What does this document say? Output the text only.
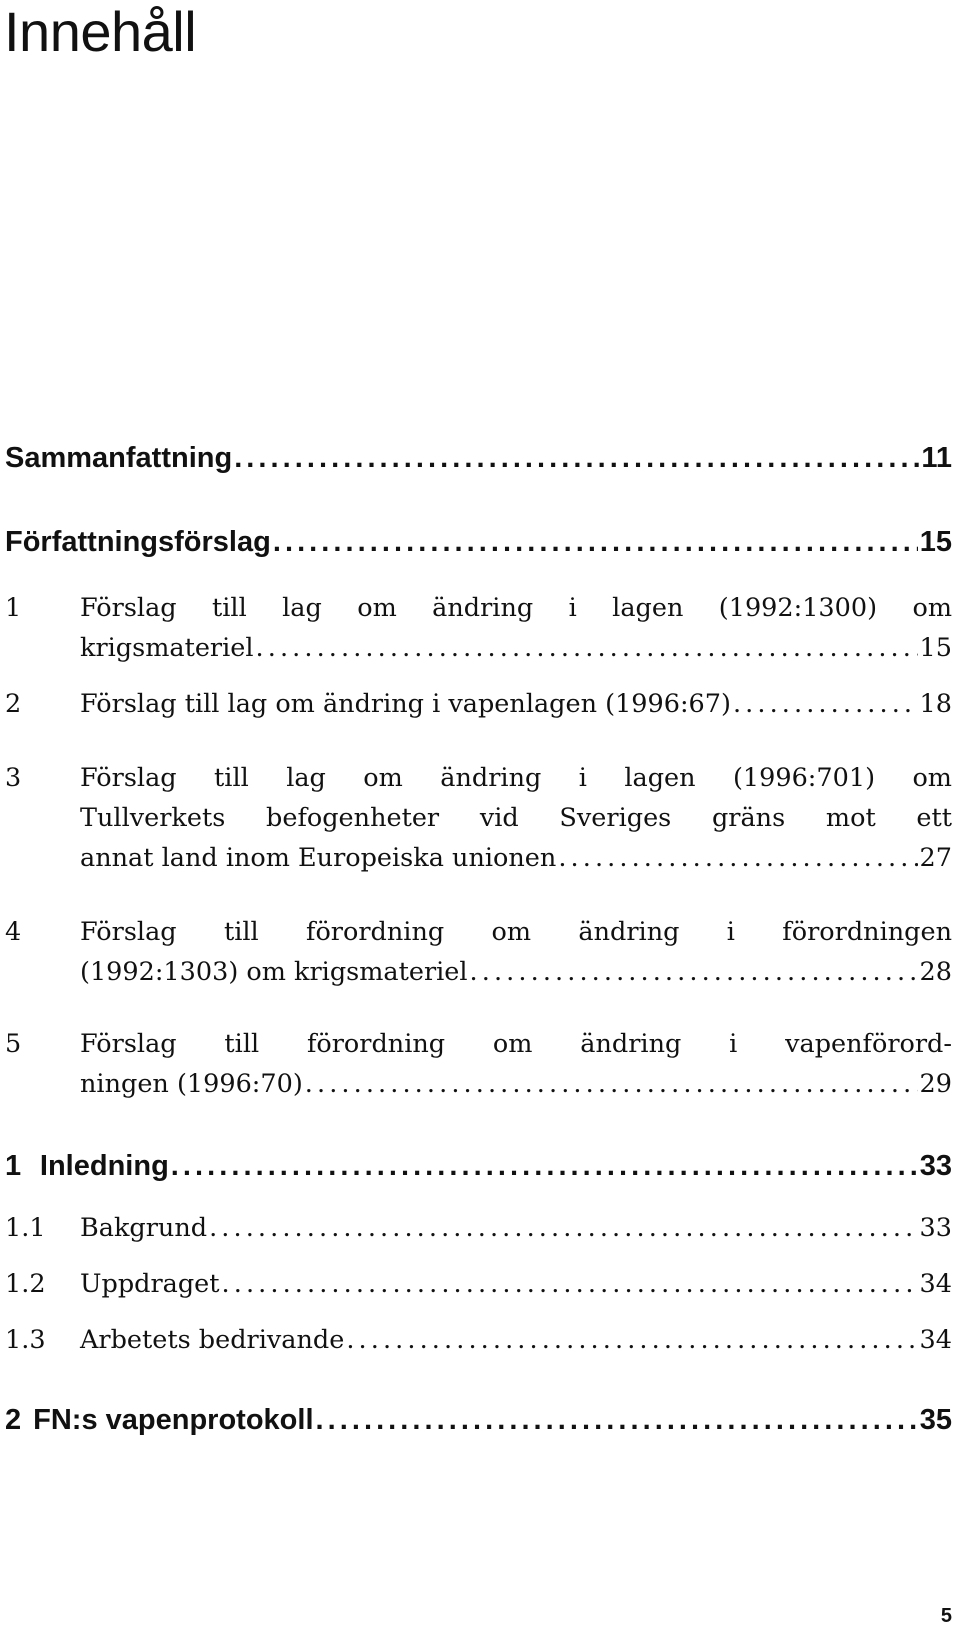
Innehåll
Sammanfattning . . .	11
Författningsförslag . . .	15
1 Förslag till lag om ändring i lagen (1992:1300) om
krigsmateriel . . .	15
2 Förslag till lag om ändring i vapenlagen (1996:67) . . .	18
3 Förslag till lag om ändring i lagen (1996:701) om
Tullverkets befogenheter vid Sveriges gräns mot ett
annat land inom Europeiska unionen . . .	27
4 Förslag till förordning om ändring i förordningen
(1992:1303) om krigsmateriel . . .	28
5 Förslag till förordning om ändring i vapenförord-
ningen (1996:70) . . .	29
1 Inledning . . .	33
1.1 Bakgrund . . .	33
1.2 Uppdraget . . .	34
1.3 Arbetets bedrivande . . .	34
2 FN:s vapenprotokoll . . .	35
5
